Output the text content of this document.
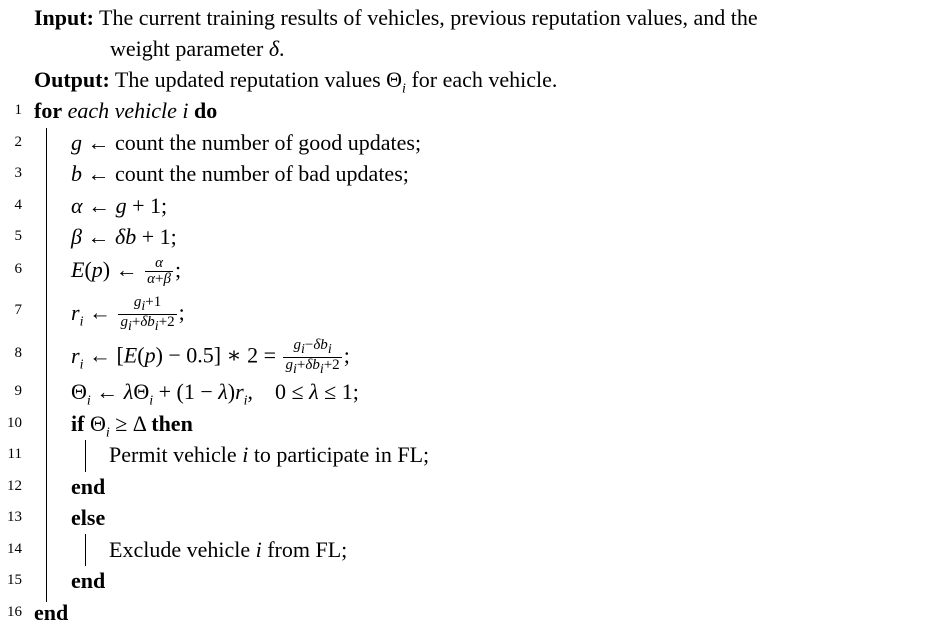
Input: The current training results of vehicles, previous reputation values, and the
weight parameter δ.
Output: The updated reputation values $\Theta_i$ for each vehicle.
1 for each vehicle i do
2 g ← count the number of good updates;
3 b ← count the number of bad updates;
4 α ← g + 1;
5 β ← δb + 1;
6 E(p) ← $\frac{\alpha}{\alpha+\beta}$ ;
7 $r_i$ ← $\frac{g_i+1}{g_i+\delta b_i+2}$ ;
8 $r_i$ ← [E(p) − 0.5] ∗ $2 = \frac{g_i-\delta b_i}{g_i+\delta b_i+2}$ ;
9 $\Theta_i$ ← $\lambda\Theta_i + (1 - \lambda)r_i$,    0 ≤ λ ≤ 1;
10 if $\Theta_i \ge \Delta$ then
11	Permit vehicle i to participate in FL;
12 end
13 else
14	Exclude vehicle i from FL;
15 end
16 end
